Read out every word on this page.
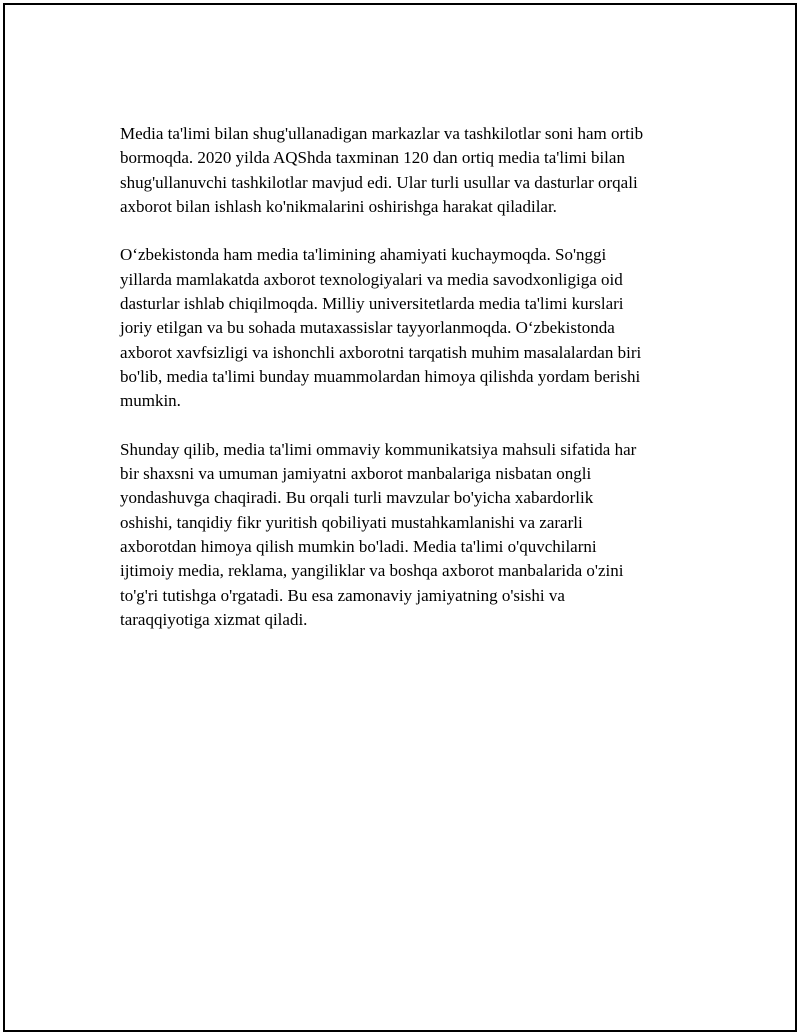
Media ta'limi bilan shug'ullanadigan markazlar va tashkilotlar soni ham ortib
bormoqda. 2020 yilda AQShda taxminan 120 dan ortiq media ta'limi bilan
shug'ullanuvchi tashkilotlar mavjud edi. Ular turli usullar va dasturlar orqali
axborot bilan ishlash ko'nikmalarini oshirishga harakat qiladilar.

O‘zbekistonda ham media ta'limining ahamiyati kuchaymoqda. So'nggi
yillarda mamlakatda axborot texnologiyalari va media savodxonligiga oid
dasturlar ishlab chiqilmoqda. Milliy universitetlarda media ta'limi kurslari
joriy etilgan va bu sohada mutaxassislar tayyorlanmoqda. O‘zbekistonda
axborot xavfsizligi va ishonchli axborotni tarqatish muhim masalalardan biri
bo'lib, media ta'limi bunday muammolardan himoya qilishda yordam berishi
mumkin.

Shunday qilib, media ta'limi ommaviy kommunikatsiya mahsuli sifatida har
bir shaxsni va umuman jamiyatni axborot manbalariga nisbatan ongli
yondashuvga chaqiradi. Bu orqali turli mavzular bo'yicha xabardorlik
oshishi, tanqidiy fikr yuritish qobiliyati mustahkamlanishi va zararli
axborotdan himoya qilish mumkin bo'ladi. Media ta'limi o'quvchilarni
ijtimoiy media, reklama, yangiliklar va boshqa axborot manbalarida o'zini
to'g'ri tutishga o'rgatadi. Bu esa zamonaviy jamiyatning o'sishi va
taraqqiyotiga xizmat qiladi.
